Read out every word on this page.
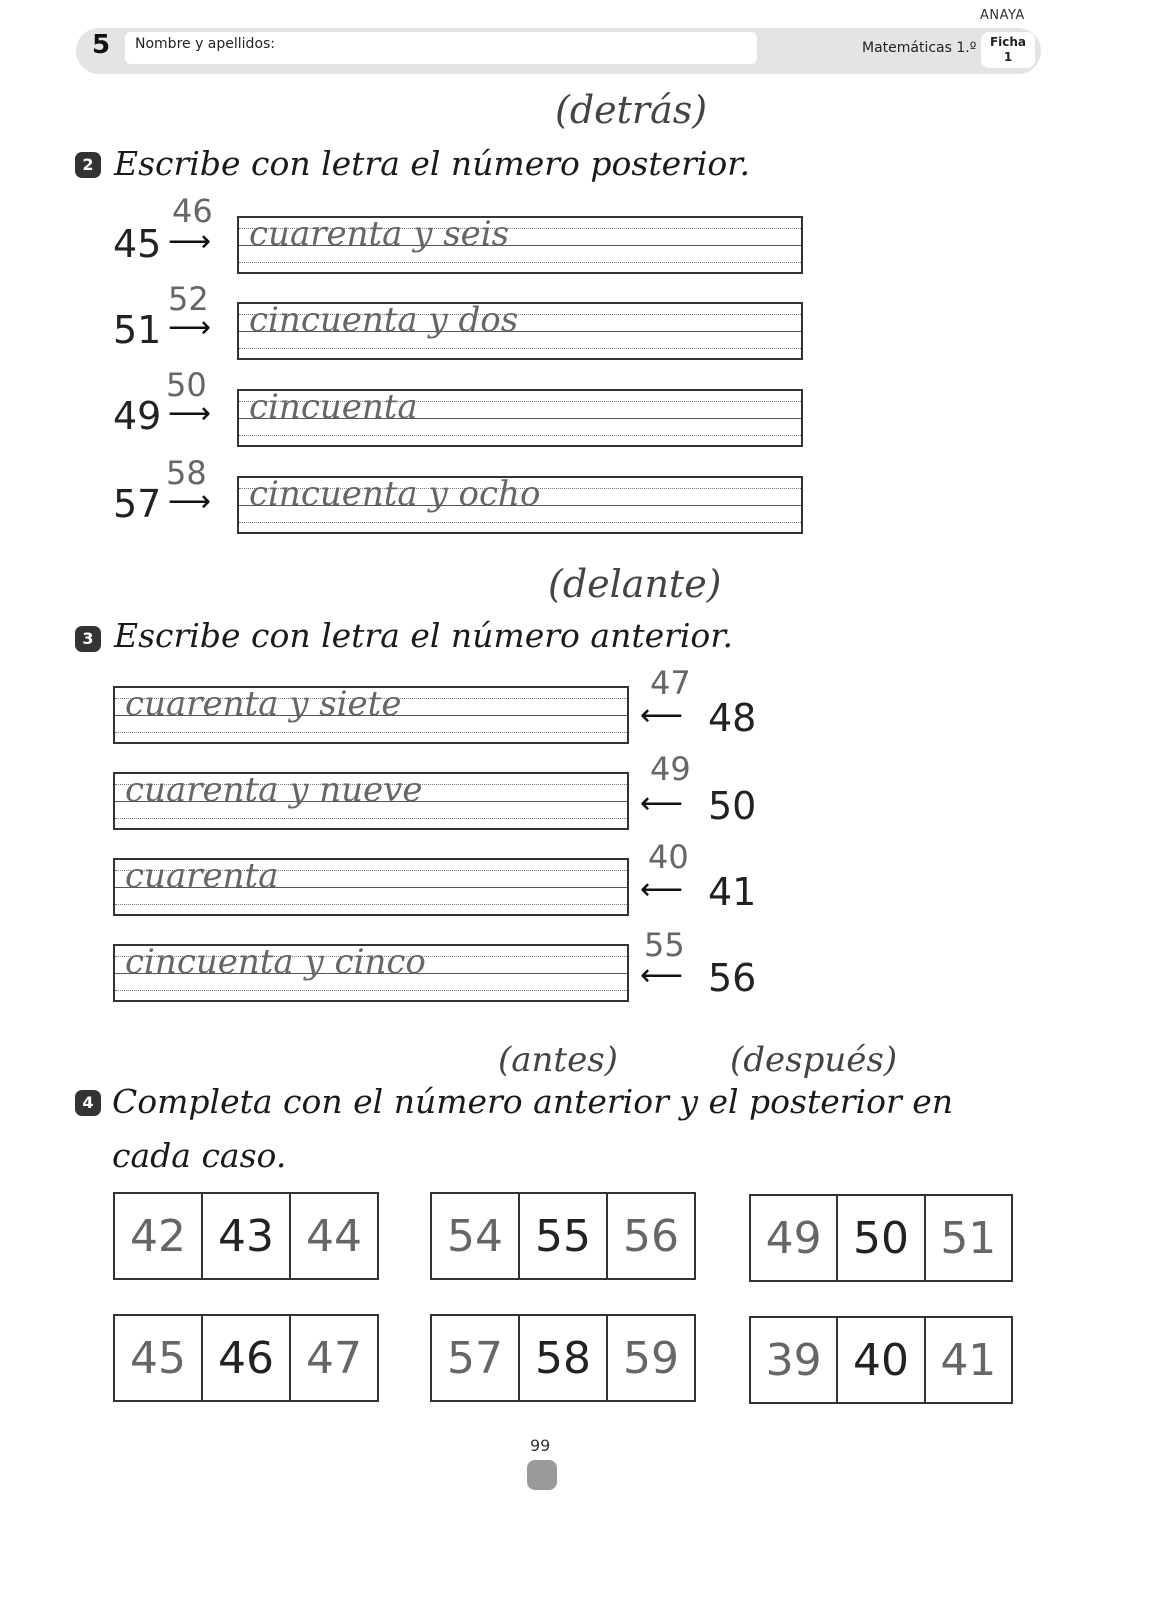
ANAYA
5 Nombre y apellidos:	Matemáticas 1.º	Ficha
1
(detrás)
2 Escribe con letra el número posterior.
45
46
⟶ cuarenta y seis
51
52
⟶ cincuenta y dos
49
50
⟶ cincuenta
57
58
⟶ cincuenta y ocho
(delante)
3 Escribe con letra el número anterior.
cuarenta y siete
47
⟵ 48
cuarenta y nueve
49
⟵ 50
cuarenta	40
⟵ 41
cincuenta y cinco	55
⟵ 56
(antes)	(después)
4 Completa con el número anterior y el posterior en
cada caso.
42 43 44	54 55 56	49 50 51
45 46 47	57 58 59	39 40 41
99
